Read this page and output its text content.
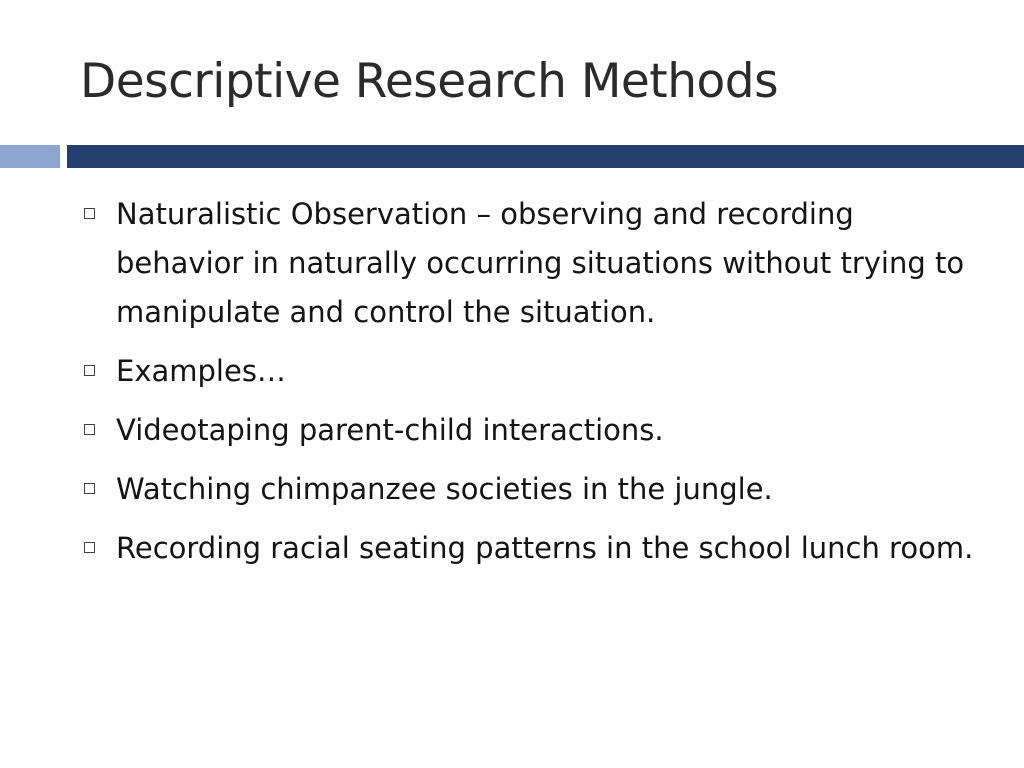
Descriptive Research Methods
Naturalistic Observation – observing and recording behavior in naturally occurring situations without trying to manipulate and control the situation.
Examples…
Videotaping parent-child interactions.
Watching chimpanzee societies in the jungle.
Recording racial seating patterns in the school lunch room.
